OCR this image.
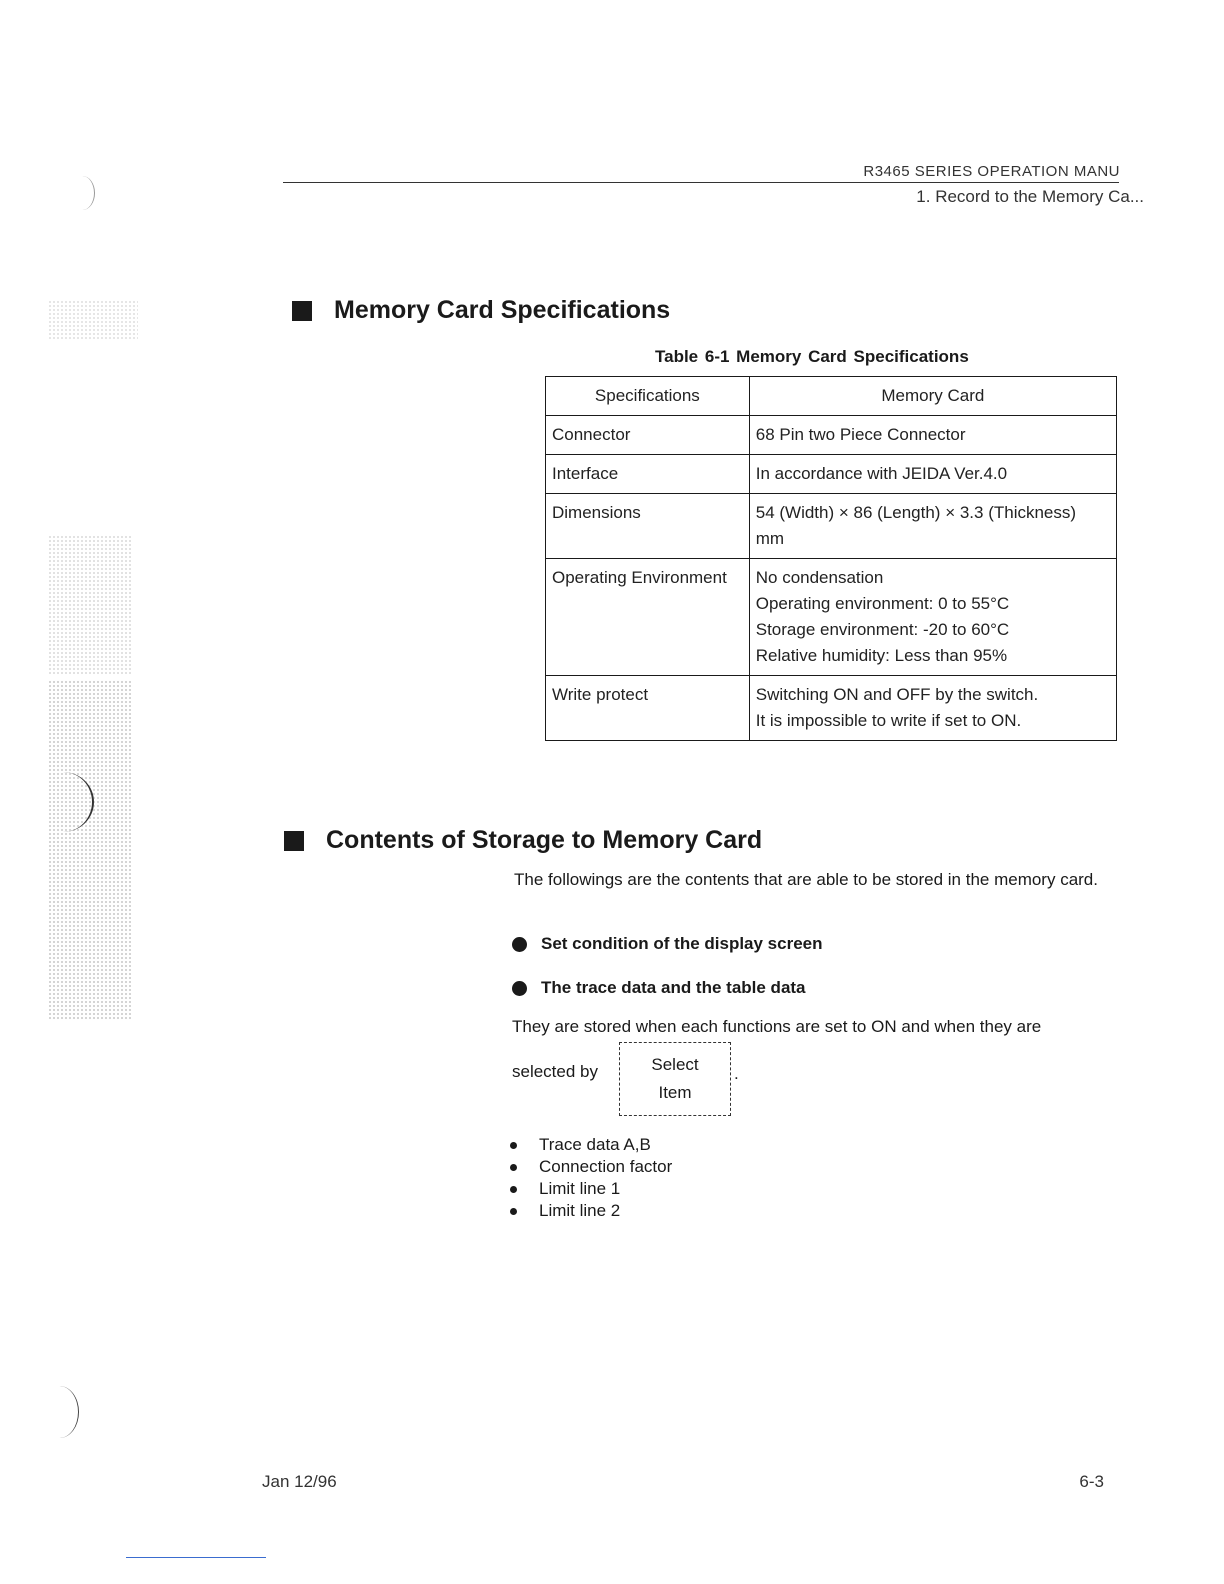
R3465 SERIES OPERATION MANU
1. Record to the Memory Ca...
Memory Card Specifications
Table 6-1 Memory Card Specifications
Specifications	Memory Card
Connector	68 Pin two Piece Connector

Interface	In accordance with JEIDA Ver.4.0

Dimensions	54 (Width) × 86 (Length) × 3.3 (Thickness)
mm

Operating Environment	No condensation
Operating environment: 0 to 55°C
Storage environment: -20 to 60°C
Relative humidity: Less than 95%

Write protect	Switching ON and OFF by the switch.
It is impossible to write if set to ON.
Contents of Storage to Memory Card
The followings are the contents that are able to be stored in the memory card.
Set condition of the display screen
The trace data and the table data
They are stored when each functions are set to ON and when they are
selected by	Select
Item
.
Trace data A,B
Connection factor
Limit line 1
Limit line 2
Jan 12/96	6-3
